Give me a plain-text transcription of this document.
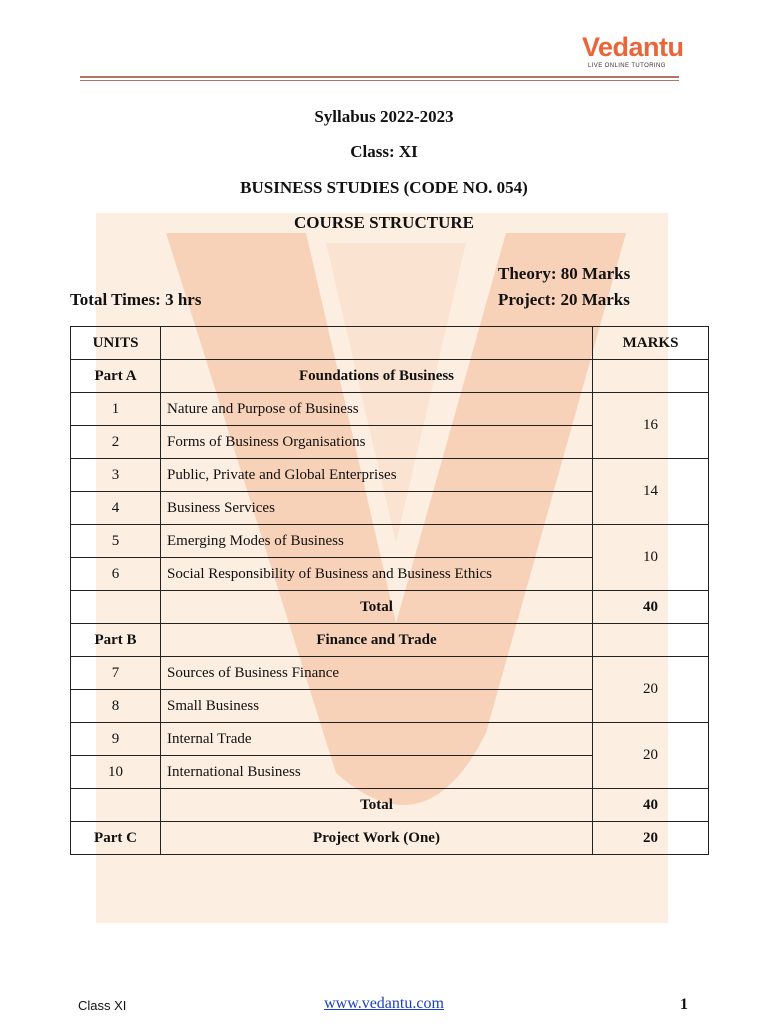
Vedantu
LIVE ONLINE TUTORING
Syllabus 2022-2023
Class: XI
BUSINESS STUDIES (CODE NO. 054)
COURSE STRUCTURE
Theory: 80 Marks
Total Times: 3 hrs	Project: 20 Marks
UNITS		MARKS
Part A	Foundations of Business	
1	Nature and Purpose of Business	16
2	Forms of Business Organisations	
3	Public, Private and Global Enterprises	14
4	Business Services	
5	Emerging Modes of Business	10
6	Social Responsibility of Business and Business Ethics	
	Total	40
Part B	Finance and Trade	
7	Sources of Business Finance	20
8	Small Business	
9	Internal Trade	20
10	International Business	
	Total	40
Part C	Project Work (One)	20
Class XI	www.vedantu.com	1
